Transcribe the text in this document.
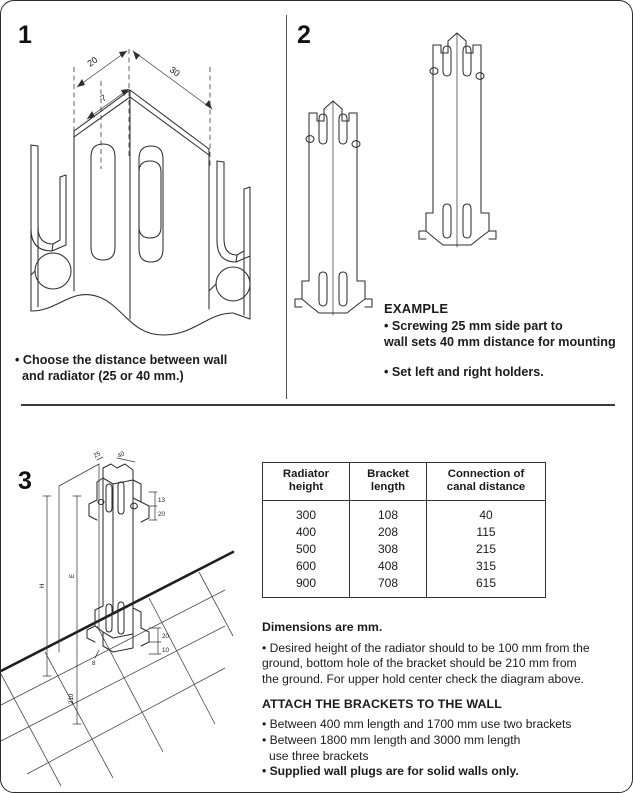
1	2
3
20
7
30
25 40
13
20
H
E
20
10
8
210
• Choose the distance between wall
and radiator (25 or 40 mm.)
EXAMPLE
• Screwing 25 mm side part to
wall sets 40 mm distance for mounting
• Set left and right holders.
Radiator
height	Bracket
length	Connection of
canal distance
300	108	40
400	208	115
500	308	215
600	408	315
900	708	615
Dimensions are mm.
• Desired height of the radiator should to be 100 mm from the
ground, bottom hole of the bracket should be 210 mm from
the ground. For upper hold center check the diagram above.
ATTACH THE BRACKETS TO THE WALL
• Between 400 mm length and 1700 mm use two brackets
• Between 1800 mm length and 3000 mm length
use three brackets
• Supplied wall plugs are for solid walls only.
